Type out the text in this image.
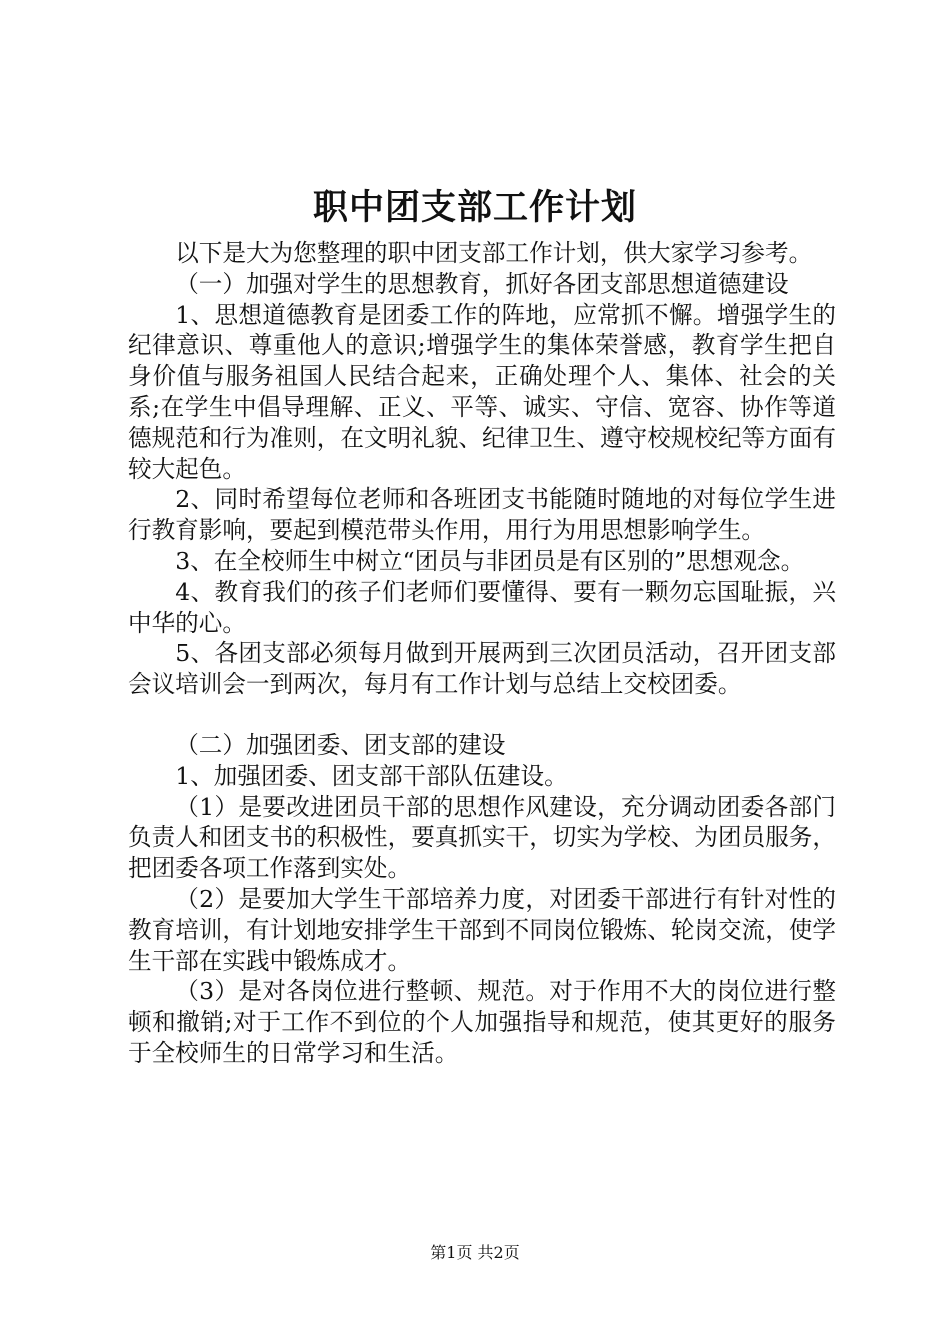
职中团支部工作计划

以下是大为您整理的职中团支部工作计划，供大家学习参考。

（一）加强对学生的思想教育，抓好各团支部思想道德建设

1、思想道德教育是团委工作的阵地，应常抓不懈。增强学生的纪律意识、尊重他人的意识;增强学生的集体荣誉感，教育学生把自身价值与服务祖国人民结合起来，正确处理个人、集体、社会的关系;在学生中倡导理解、正义、平等、诚实、守信、宽容、协作等道德规范和行为准则，在文明礼貌、纪律卫生、遵守校规校纪等方面有较大起色。

2、同时希望每位老师和各班团支书能随时随地的对每位学生进行教育影响，要起到模范带头作用，用行为用思想影响学生。

3、在全校师生中树立“团员与非团员是有区别的”思想观念。

4、教育我们的孩子们老师们要懂得、要有一颗勿忘国耻振，兴中华的心。

5、各团支部必须每月做到开展两到三次团员活动，召开团支部会议培训会一到两次，每月有工作计划与总结上交校团委。

（二）加强团委、团支部的建设

1、加强团委、团支部干部队伍建设。

（1）是要改进团员干部的思想作风建设，充分调动团委各部门负责人和团支书的积极性，要真抓实干，切实为学校、为团员服务，把团委各项工作落到实处。

（2）是要加大学生干部培养力度，对团委干部进行有针对性的教育培训，有计划地安排学生干部到不同岗位锻炼、轮岗交流，使学生干部在实践中锻炼成才。

（3）是对各岗位进行整顿、规范。对于作用不大的岗位进行整顿和撤销;对于工作不到位的个人加强指导和规范，使其更好的服务于全校师生的日常学习和生活。

第1页 共2页
